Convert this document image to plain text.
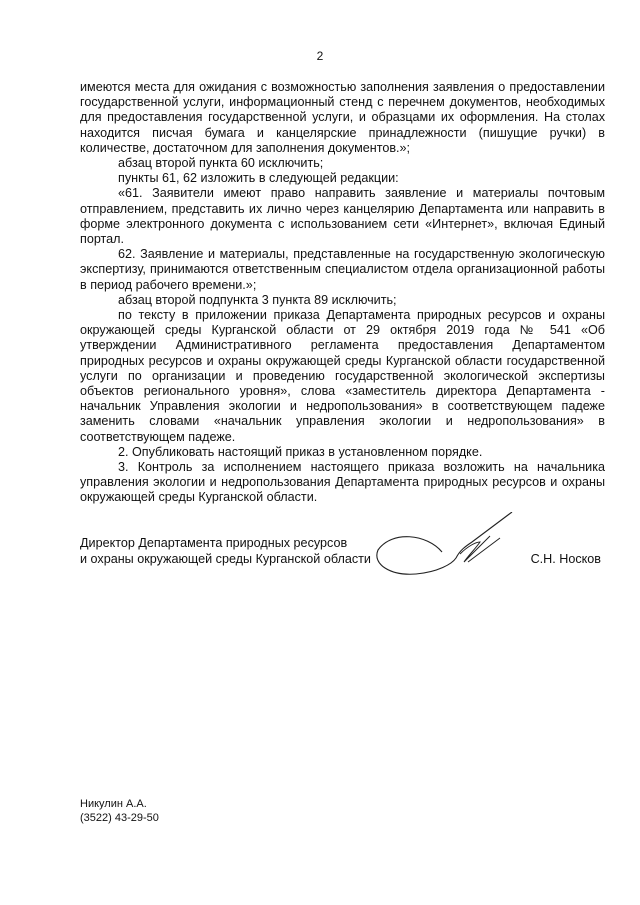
2

имеются места для ожидания с возможностью заполнения заявления о предоставлении государственной услуги, информационный стенд с перечнем документов, необходимых для предоставления государственной услуги, и образцами их оформления. На столах находится писчая бумага и канцелярские принадлежности (пишущие ручки) в количестве, достаточном для заполнения документов.»;

абзац второй пункта 60 исключить;

пункты 61, 62 изложить в следующей редакции:

«61. Заявители имеют право направить заявление и материалы почтовым отправлением, представить их лично через канцелярию Департамента или направить в форме электронного документа с использованием сети «Интернет», включая Единый портал.

62. Заявление и материалы, представленные на государственную экологическую экспертизу, принимаются ответственным специалистом отдела организационной работы в период рабочего времени.»;

абзац второй подпункта 3 пункта 89 исключить;

по тексту в приложении приказа Департамента природных ресурсов и охраны окружающей среды Курганской области от 29 октября 2019 года № 541 «Об утверждении Административного регламента предоставления Департаментом природных ресурсов и охраны окружающей среды Курганской области государственной услуги по организации и проведению государственной экологической экспертизы объектов регионального уровня», слова «заместитель директора Департамента - начальник Управления экологии и недропользования» в соответствующем падеже заменить словами «начальник управления экологии и недропользования» в соответствующем падеже.

2. Опубликовать настоящий приказ в установленном порядке.

3. Контроль за исполнением настоящего приказа возложить на начальника управления экологии и недропользования Департамента природных ресурсов и охраны окружающей среды Курганской области.

Директор Департамента природных ресурсов
и охраны окружающей среды Курганской области	С.Н. Носков
Никулин А.А.
(3522) 43-29-50
